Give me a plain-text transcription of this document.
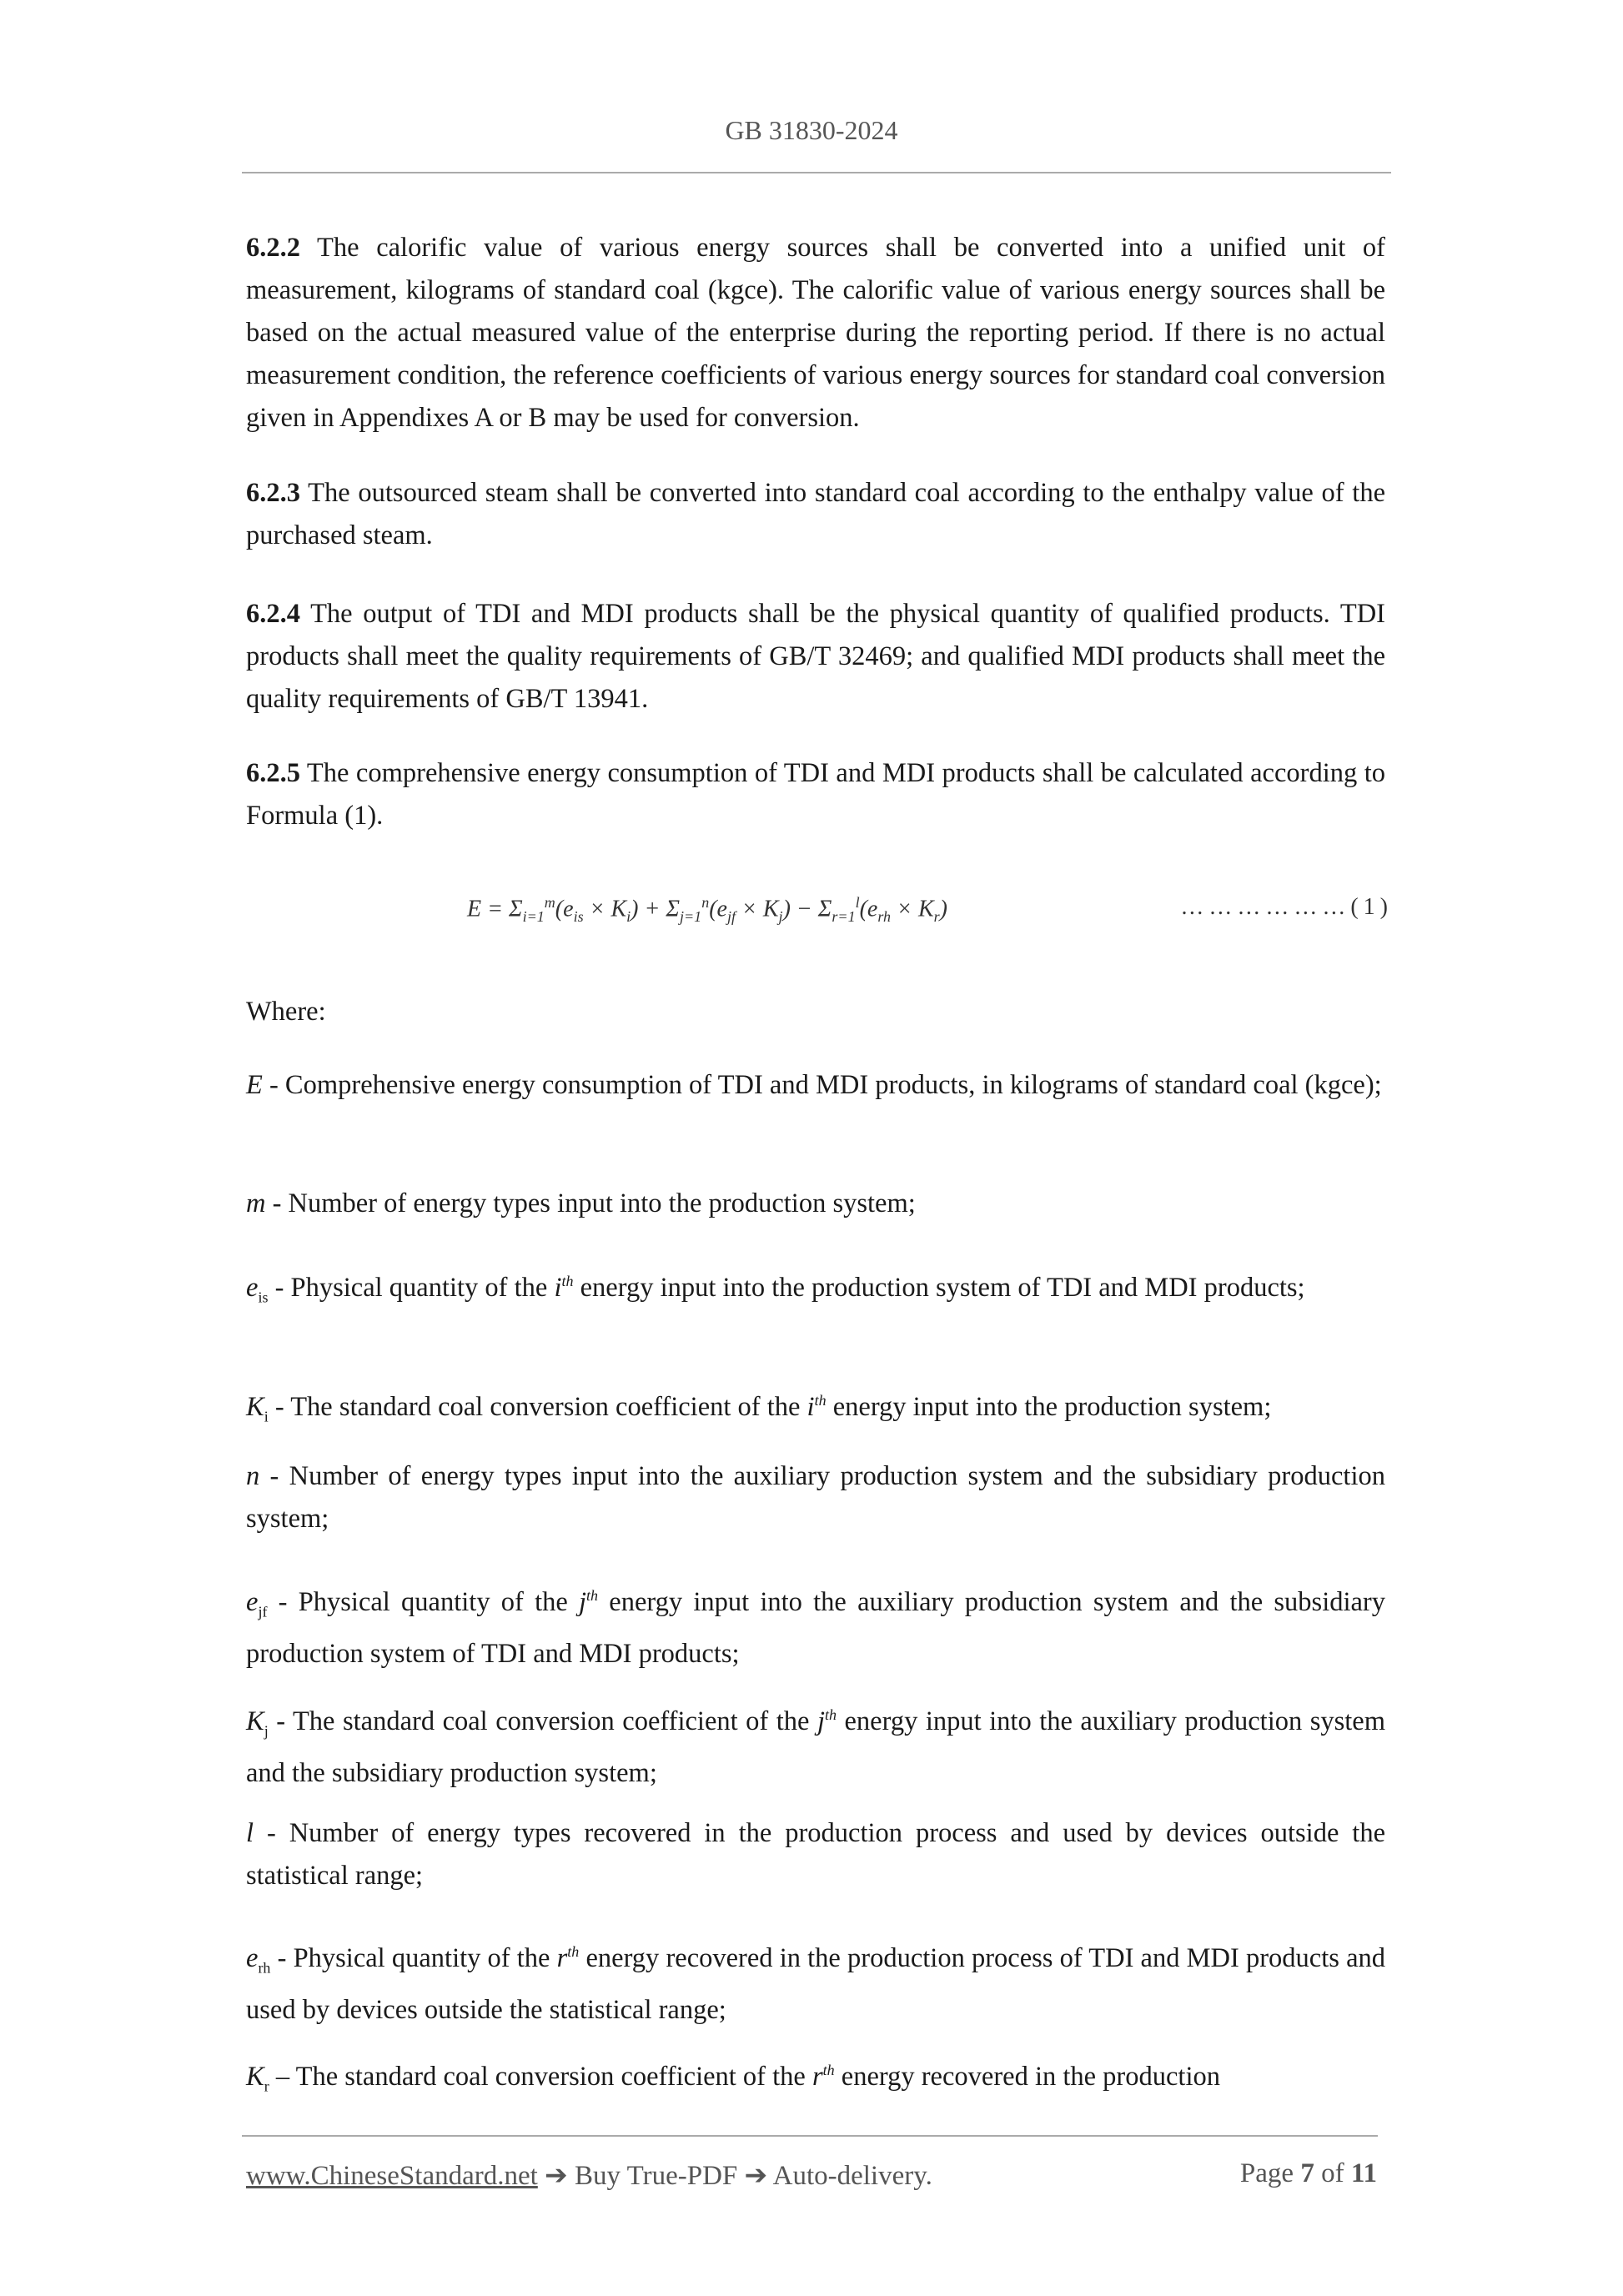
GB 31830-2024
6.2.2 The calorific value of various energy sources shall be converted into a unified unit of measurement, kilograms of standard coal (kgce). The calorific value of various energy sources shall be based on the actual measured value of the enterprise during the reporting period. If there is no actual measurement condition, the reference coefficients of various energy sources for standard coal conversion given in Appendixes A or B may be used for conversion.
6.2.3 The outsourced steam shall be converted into standard coal according to the enthalpy value of the purchased steam.
6.2.4 The output of TDI and MDI products shall be the physical quantity of qualified products. TDI products shall meet the quality requirements of GB/T 32469; and qualified MDI products shall meet the quality requirements of GB/T 13941.
6.2.5 The comprehensive energy consumption of TDI and MDI products shall be calculated according to Formula (1).
$E = \Sigma_{i=1}^m(e_{is} \times K_i) + \Sigma_{j=1}^n(e_{jf} \times K_j) - \Sigma_{r=1}^l(e_{rh} \times K_r)$	………………(1)
Where:
E - Comprehensive energy consumption of TDI and MDI products, in kilograms of standard coal (kgce);
m - Number of energy types input into the production system;
$e_{is}$ - Physical quantity of the $i^{th}$ energy input into the production system of TDI and MDI products;
$K_i$ - The standard coal conversion coefficient of the $i^{th}$ energy input into the production system;
n - Number of energy types input into the auxiliary production system and the subsidiary production system;
$e_{jf}$ - Physical quantity of the $j^{th}$ energy input into the auxiliary production system and the subsidiary production system of TDI and MDI products;
$K_j$ - The standard coal conversion coefficient of the $j^{th}$ energy input into the auxiliary production system and the subsidiary production system;
l - Number of energy types recovered in the production process and used by devices outside the statistical range;
$e_{rh}$ - Physical quantity of the $r^{th}$ energy recovered in the production process of TDI and MDI products and used by devices outside the statistical range;
$K_r$ – The standard coal conversion coefficient of the $r^{th}$ energy recovered in the production
www.ChineseStandard.net ➔ Buy True-PDF ➔ Auto-delivery.	Page 7 of 11
